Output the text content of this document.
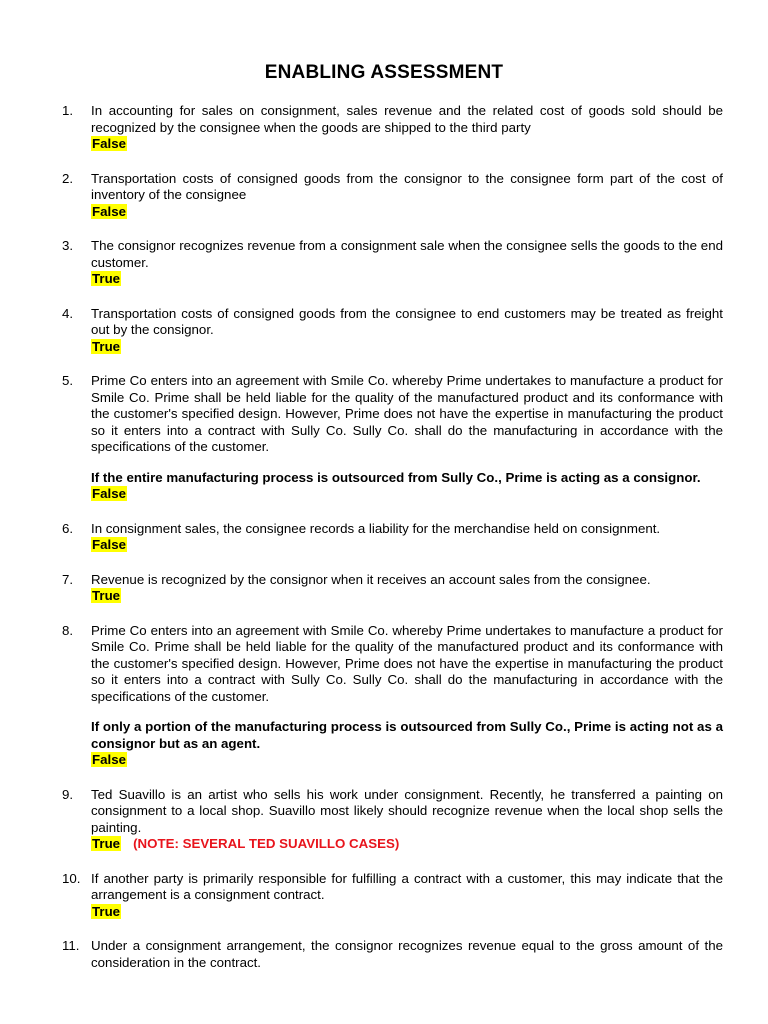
ENABLING ASSESSMENT
1.	In accounting for sales on consignment, sales revenue and the related cost of goods sold should be recognized by the consignee when the goods are shipped to the third party

False
2.	Transportation costs of consigned goods from the consignor to the consignee form part of the cost of inventory of the consignee

False
3.	The consignor recognizes revenue from a consignment sale when the consignee sells the goods to the end customer.

True
4.	Transportation costs of consigned goods from the consignee to end customers may be treated as freight out by the consignor.

True
5.	Prime Co enters into an agreement with Smile Co. whereby Prime undertakes to manufacture a product for Smile Co. Prime shall be held liable for the quality of the manufactured product and its conformance with the customer's specified design. However, Prime does not have the expertise in manufacturing the product so it enters into a contract with Sully Co. Sully Co. shall do the manufacturing in accordance with the specifications of the customer.

If the entire manufacturing process is outsourced from Sully Co., Prime is acting as a consignor.

False
6.	In consignment sales, the consignee records a liability for the merchandise held on consignment.

False
7.	Revenue is recognized by the consignor when it receives an account sales from the consignee.

True
8.	Prime Co enters into an agreement with Smile Co. whereby Prime undertakes to manufacture a product for Smile Co. Prime shall be held liable for the quality of the manufactured product and its conformance with the customer's specified design. However, Prime does not have the expertise in manufacturing the product so it enters into a contract with Sully Co. Sully Co. shall do the manufacturing in accordance with the specifications of the customer.

If only a portion of the manufacturing process is outsourced from Sully Co., Prime is acting not as a consignor but as an agent.

False
9.	Ted Suavillo is an artist who sells his work under consignment. Recently, he transferred a painting on consignment to a local shop. Suavillo most likely should recognize revenue when the local shop sells the painting.

True (NOTE: SEVERAL TED SUAVILLO CASES)
10. If another party is primarily responsible for fulfilling a contract with a customer, this may indicate that the arrangement is a consignment contract.

True
11. Under a consignment arrangement, the consignor recognizes revenue equal to the gross amount of the consideration in the contract.
